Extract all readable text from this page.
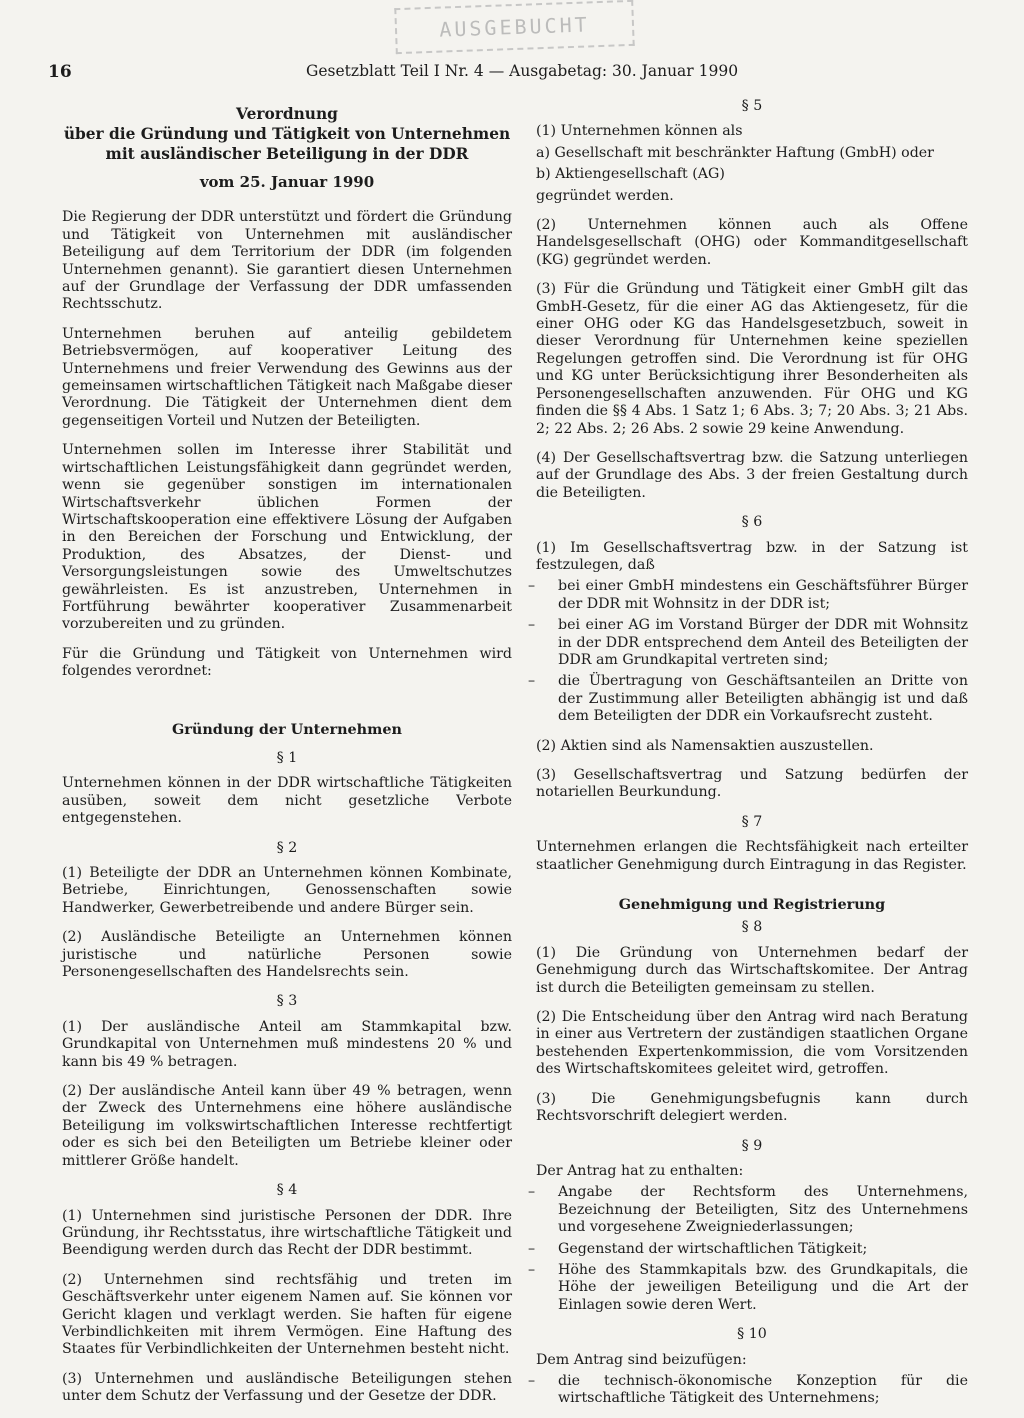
AUSGEBUCHT
16	Gesetzblatt Teil I Nr. 4 — Ausgabetag: 30. Januar 1990
Verordnung
über die Gründung und Tätigkeit von Unternehmen
mit ausländischer Beteiligung in der DDR
vom 25. Januar 1990

Die Regierung der DDR unterstützt und fördert die Gründung und Tätigkeit von Unternehmen mit ausländischer Beteiligung auf dem Territorium der DDR (im folgenden Unternehmen genannt). Sie garantiert diesen Unternehmen auf der Grundlage der Verfassung der DDR umfassenden Rechtsschutz.

Unternehmen beruhen auf anteilig gebildetem Betriebsvermögen, auf kooperativer Leitung des Unternehmens und freier Verwendung des Gewinns aus der gemeinsamen wirtschaftlichen Tätigkeit nach Maßgabe dieser Verordnung. Die Tätigkeit der Unternehmen dient dem gegenseitigen Vorteil und Nutzen der Beteiligten.

Unternehmen sollen im Interesse ihrer Stabilität und wirtschaftlichen Leistungsfähigkeit dann gegründet werden, wenn sie gegenüber sonstigen im internationalen Wirtschaftsverkehr üblichen Formen der Wirtschaftskooperation eine effektivere Lösung der Aufgaben in den Bereichen der Forschung und Entwicklung, der Produktion, des Absatzes, der Dienst- und Versorgungsleistungen sowie des Umweltschutzes gewährleisten. Es ist anzustreben, Unternehmen in Fortführung bewährter kooperativer Zusammenarbeit vorzubereiten und zu gründen.

Für die Gründung und Tätigkeit von Unternehmen wird folgendes verordnet:

Gründung der Unternehmen
§ 1

Unternehmen können in der DDR wirtschaftliche Tätigkeiten ausüben, soweit dem nicht gesetzliche Verbote entgegenstehen.

§ 2

(1) Beteiligte der DDR an Unternehmen können Kombinate, Betriebe, Einrichtungen, Genossenschaften sowie Handwerker, Gewerbetreibende und andere Bürger sein.

(2) Ausländische Beteiligte an Unternehmen können juristische und natürliche Personen sowie Personengesellschaften des Handelsrechts sein.

§ 3

(1) Der ausländische Anteil am Stammkapital bzw. Grundkapital von Unternehmen muß mindestens 20 % und kann bis 49 % betragen.

(2) Der ausländische Anteil kann über 49 % betragen, wenn der Zweck des Unternehmens eine höhere ausländische Beteiligung im volkswirtschaftlichen Interesse rechtfertigt oder es sich bei den Beteiligten um Betriebe kleiner oder mittlerer Größe handelt.

§ 4

(1) Unternehmen sind juristische Personen der DDR. Ihre Gründung, ihr Rechtsstatus, ihre wirtschaftliche Tätigkeit und Beendigung werden durch das Recht der DDR bestimmt.

(2) Unternehmen sind rechtsfähig und treten im Geschäftsverkehr unter eigenem Namen auf. Sie können vor Gericht klagen und verklagt werden. Sie haften für eigene Verbindlichkeiten mit ihrem Vermögen. Eine Haftung des Staates für Verbindlichkeiten der Unternehmen besteht nicht.

(3) Unternehmen und ausländische Beteiligungen stehen unter dem Schutz der Verfassung und der Gesetze der DDR.

§ 5

(1) Unternehmen können als

a) Gesellschaft mit beschränkter Haftung (GmbH) oder

b) Aktiengesellschaft (AG)

gegründet werden.

(2) Unternehmen können auch als Offene Handelsgesellschaft (OHG) oder Kommanditgesellschaft (KG) gegründet werden.

(3) Für die Gründung und Tätigkeit einer GmbH gilt das GmbH-Gesetz, für die einer AG das Aktiengesetz, für die einer OHG oder KG das Handelsgesetzbuch, soweit in dieser Verordnung für Unternehmen keine speziellen Regelungen getroffen sind. Die Verordnung ist für OHG und KG unter Berücksichtigung ihrer Besonderheiten als Personengesellschaften anzuwenden. Für OHG und KG finden die §§ 4 Abs. 1 Satz 1; 6 Abs. 3; 7; 20 Abs. 3; 21 Abs. 2; 22 Abs. 2; 26 Abs. 2 sowie 29 keine Anwendung.

(4) Der Gesellschaftsvertrag bzw. die Satzung unterliegen auf der Grundlage des Abs. 3 der freien Gestaltung durch die Beteiligten.

§ 6

(1) Im Gesellschaftsvertrag bzw. in der Satzung ist festzulegen, daß

– bei einer GmbH mindestens ein Geschäftsführer Bürger der DDR mit Wohnsitz in der DDR ist;

– bei einer AG im Vorstand Bürger der DDR mit Wohnsitz in der DDR entsprechend dem Anteil des Beteiligten der DDR am Grundkapital vertreten sind;

– die Übertragung von Geschäftsanteilen an Dritte von der Zustimmung aller Beteiligten abhängig ist und daß dem Beteiligten der DDR ein Vorkaufsrecht zusteht.

(2) Aktien sind als Namensaktien auszustellen.

(3) Gesellschaftsvertrag und Satzung bedürfen der notariellen Beurkundung.

§ 7

Unternehmen erlangen die Rechtsfähigkeit nach erteilter staatlicher Genehmigung durch Eintragung in das Register.

Genehmigung und Registrierung
§ 8

(1) Die Gründung von Unternehmen bedarf der Genehmigung durch das Wirtschaftskomitee. Der Antrag ist durch die Beteiligten gemeinsam zu stellen.

(2) Die Entscheidung über den Antrag wird nach Beratung in einer aus Vertretern der zuständigen staatlichen Organe bestehenden Expertenkommission, die vom Vorsitzenden des Wirtschaftskomitees geleitet wird, getroffen.

(3) Die Genehmigungsbefugnis kann durch Rechtsvorschrift delegiert werden.

§ 9

Der Antrag hat zu enthalten:

– Angabe der Rechtsform des Unternehmens, Bezeichnung der Beteiligten, Sitz des Unternehmens und vorgesehene Zweigniederlassungen;

– Gegenstand der wirtschaftlichen Tätigkeit;

– Höhe des Stammkapitals bzw. des Grundkapitals, die Höhe der jeweiligen Beteiligung und die Art der Einlagen sowie deren Wert.

§ 10

Dem Antrag sind beizufügen:

– die technisch-ökonomische Konzeption für die wirtschaftliche Tätigkeit des Unternehmens;
